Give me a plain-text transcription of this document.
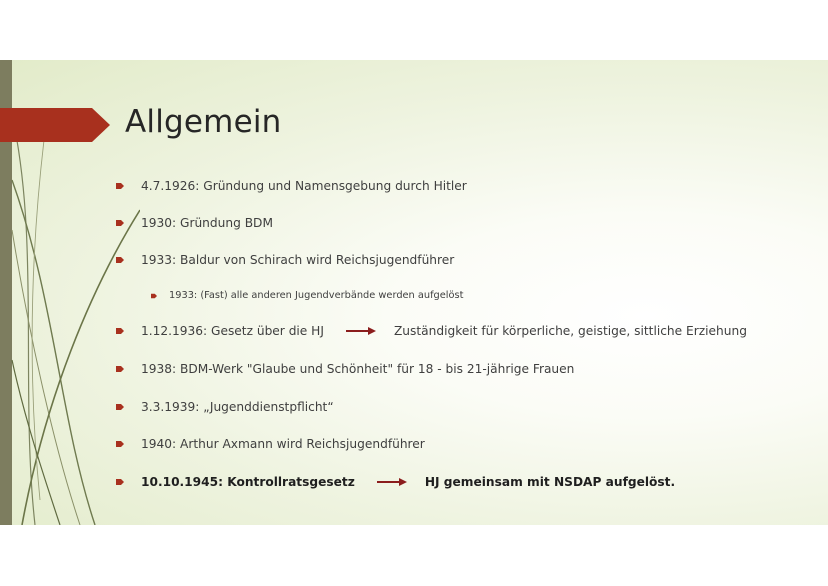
Allgemein
4.7.1926: Gründung und Namensgebung durch Hitler
1930: Gründung BDM
1933: Baldur von Schirach wird Reichsjugendführer
1933: (Fast) alle anderen Jugendverbände werden aufgelöst
1.12.1936: Gesetz über die HJ	Zuständigkeit für körperliche, geistige, sittliche Erziehung
1938: BDM-Werk "Glaube und Schönheit" für 18 - bis 21-jährige Frauen
3.3.1939: „Jugenddienstpflicht“
1940: Arthur Axmann wird Reichsjugendführer
10.10.1945: Kontrollratsgesetz	HJ gemeinsam mit NSDAP aufgelöst.
